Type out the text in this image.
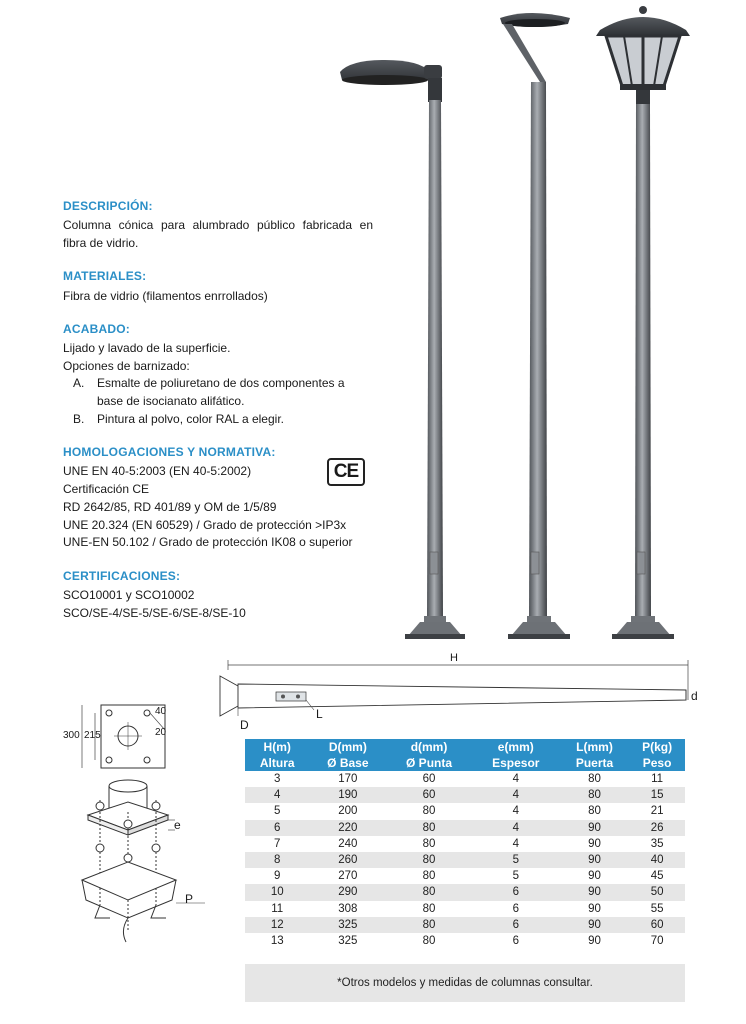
DESCRIPCIÓN:
Columna cónica para alumbrado público fabricada en
fibra de vidrio.
MATERIALES:
Fibra de vidrio (filamentos enrrollados)
ACABADO:
Lijado y lavado de la superficie.
Opciones de barnizado:
A. Esmalte de poliuretano de dos componentes a
base de isocianato alifático.
B. Pintura al polvo, color RAL a elegir.
HOMOLOGACIONES Y NORMATIVA:
UNE EN 40-5:2003 (EN 40-5:2002)
Certificación CE
RD 2642/85, RD 401/89 y OM de 1/5/89
UNE 20.324 (EN 60529) / Grado de protección >IP3x
UNE-EN 50.102 / Grado de protección IK08 o superior
CE
CERTIFICACIONES:
SCO10001 y SCO10002
SCO/SE-4/SE-5/SE-6/SE-8/SE-10
H
d
L
D
300 215
40
20
e
P
H(m)	D(mm)	d(mm)	e(mm)	L(mm)	P(kg)
Altura	Ø Base	Ø Punta	Espesor	Puerta	Peso
3	170	60	4	80	11
4	190	60	4	80	15
5	200	80	4	80	21
6	220	80	4	90	26
7	240	80	4	90	35
8	260	80	5	90	40
9	270	80	5	90	45
10	290	80	6	90	50
11	308	80	6	90	55
12	325	80	6	90	60
13	325	80	6	90	70
*Otros modelos y medidas de columnas consultar.
